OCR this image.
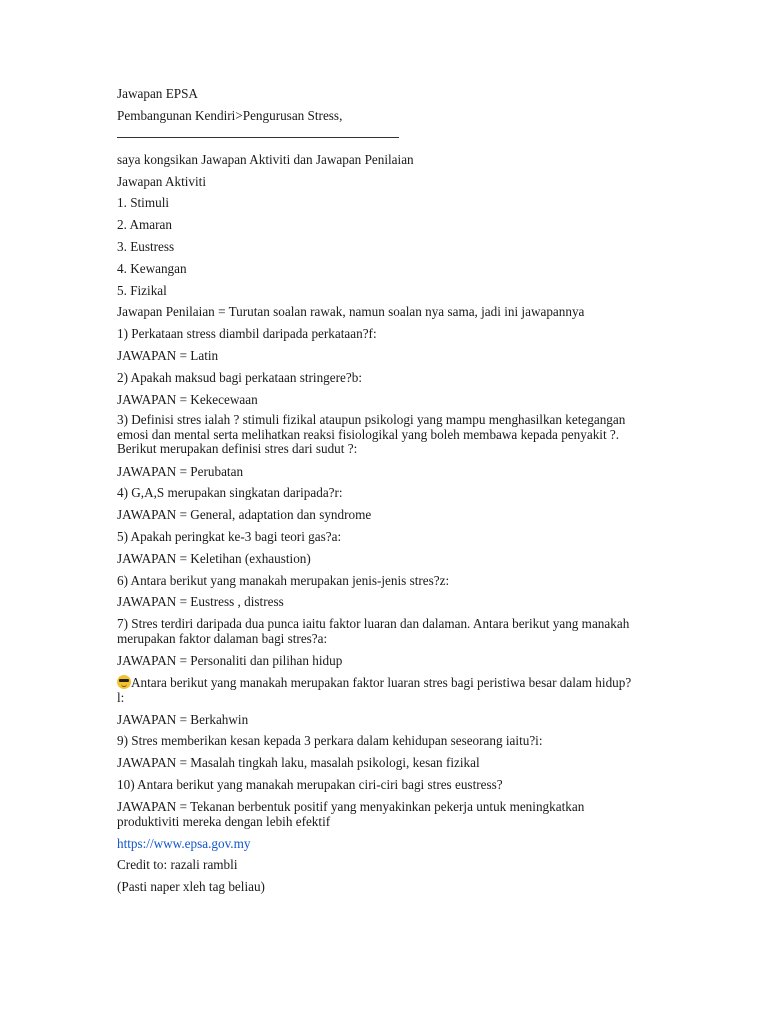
Jawapan EPSA

Pembangunan Kendiri>Pengurusan Stress,

saya kongsikan Jawapan Aktiviti dan Jawapan Penilaian

Jawapan Aktiviti

1. Stimuli

2. Amaran

3. Eustress

4. Kewangan

5. Fizikal

Jawapan Penilaian = Turutan soalan rawak, namun soalan nya sama, jadi ini jawapannya

1) Perkataan stress diambil daripada perkataan?f:

JAWAPAN = Latin

2) Apakah maksud bagi perkataan stringere?b:

JAWAPAN = Kekecewaan

3) Definisi stres ialah ? stimuli fizikal ataupun psikologi yang mampu menghasilkan ketegangan emosi dan mental serta melihatkan reaksi fisiologikal yang boleh membawa kepada penyakit ?. Berikut merupakan definisi stres dari sudut ?:

JAWAPAN = Perubatan

4) G,A,S merupakan singkatan daripada?r:

JAWAPAN = General, adaptation dan syndrome

5) Apakah peringkat ke-3 bagi teori gas?a:

JAWAPAN = Keletihan (exhaustion)

6) Antara berikut yang manakah merupakan jenis-jenis stres?z:

JAWAPAN = Eustress , distress

7) Stres terdiri daripada dua punca iaitu faktor luaran dan dalaman. Antara berikut yang manakah merupakan faktor dalaman bagi stres?a:

JAWAPAN = Personaliti dan pilihan hidup

Antara berikut yang manakah merupakan faktor luaran stres bagi peristiwa besar dalam hidup?l:

JAWAPAN = Berkahwin

9) Stres memberikan kesan kepada 3 perkara dalam kehidupan seseorang iaitu?i:

JAWAPAN = Masalah tingkah laku, masalah psikologi, kesan fizikal

10) Antara berikut yang manakah merupakan ciri-ciri bagi stres eustress?

JAWAPAN = Tekanan berbentuk positif yang menyakinkan pekerja untuk meningkatkan produktiviti mereka dengan lebih efektif

https://www.epsa.gov.my

Credit to: razali rambli

(Pasti naper xleh tag beliau)
